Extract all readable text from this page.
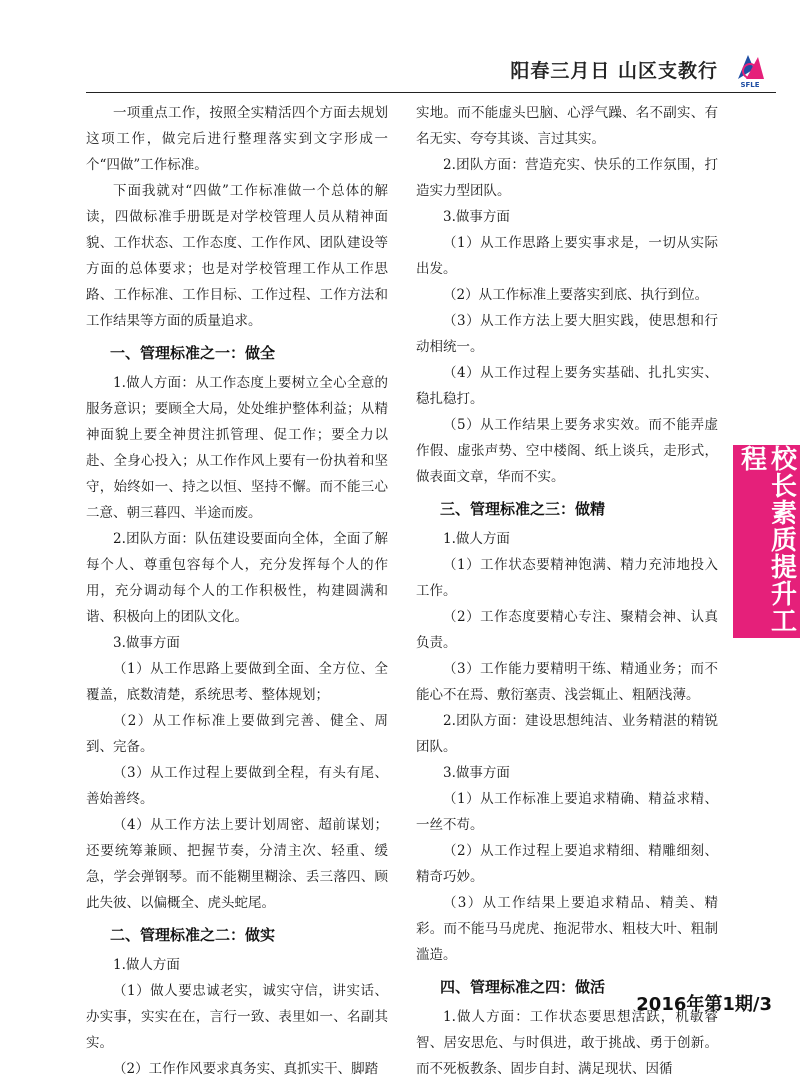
阳春三月日 山区支教行
SFLE

一项重点工作，按照全实精活四个方面去规划这项工作，做完后进行整理落实到文字形成一个“四做”工作标准。

下面我就对“四做”工作标准做一个总体的解读，四做标准手册既是对学校管理人员从精神面貌、工作状态、工作态度、工作作风、团队建设等方面的总体要求；也是对学校管理工作从工作思路、工作标准、工作目标、工作过程、工作方法和工作结果等方面的质量追求。

一、管理标准之一：做全

1.做人方面：从工作态度上要树立全心全意的服务意识；要顾全大局，处处维护整体利益；从精神面貌上要全神贯注抓管理、促工作；要全力以赴、全身心投入；从工作作风上要有一份执着和坚守，始终如一、持之以恒、坚持不懈。而不能三心二意、朝三暮四、半途而废。

2.团队方面：队伍建设要面向全体，全面了解每个人、尊重包容每个人，充分发挥每个人的作用，充分调动每个人的工作积极性，构建圆满和谐、积极向上的团队文化。

3.做事方面

（1）从工作思路上要做到全面、全方位、全覆盖，底数清楚，系统思考、整体规划；

（2）从工作标准上要做到完善、健全、周到、完备。

（3）从工作过程上要做到全程，有头有尾、善始善终。

（4）从工作方法上要计划周密、超前谋划；还要统筹兼顾、把握节奏，分清主次、轻重、缓急，学会弹钢琴。而不能糊里糊涂、丢三落四、顾此失彼、以偏概全、虎头蛇尾。

二、管理标准之二：做实

1.做人方面

（1）做人要忠诚老实，诚实守信，讲实话、办实事，实实在在，言行一致、表里如一、名副其实。

（2）工作作风要求真务实、真抓实干、脚踏

实地。而不能虚头巴脑、心浮气躁、名不副实、有名无实、夸夸其谈、言过其实。

2.团队方面：营造充实、快乐的工作氛围，打造实力型团队。

3.做事方面

（1）从工作思路上要实事求是，一切从实际出发。

（2）从工作标准上要落实到底、执行到位。

（3）从工作方法上要大胆实践，使思想和行动相统一。

（4）从工作过程上要务实基础、扎扎实实、稳扎稳打。

（5）从工作结果上要务求实效。而不能弄虚作假、虚张声势、空中楼阁、纸上谈兵，走形式，做表面文章，华而不实。

三、管理标准之三：做精

1.做人方面

（1）工作状态要精神饱满、精力充沛地投入工作。

（2）工作态度要精心专注、聚精会神、认真负责。

（3）工作能力要精明干练、精通业务；而不能心不在焉、敷衍塞责、浅尝辄止、粗陋浅薄。

2.团队方面：建设思想纯洁、业务精湛的精锐团队。

3.做事方面

（1）从工作标准上要追求精确、精益求精、一丝不苟。

（2）从工作过程上要追求精细、精雕细刻、精奇巧妙。

（3）从工作结果上要追求精品、精美、精彩。而不能马马虎虎、拖泥带水、粗枝大叶、粗制滥造。

四、管理标准之四：做活

1.做人方面：工作状态要思想活跃，机敏睿智、居安思危、与时俱进，敢于挑战、勇于创新。而不死板教条、固步自封、满足现状、因循

校长素质提升工程
2016年第1期/3
